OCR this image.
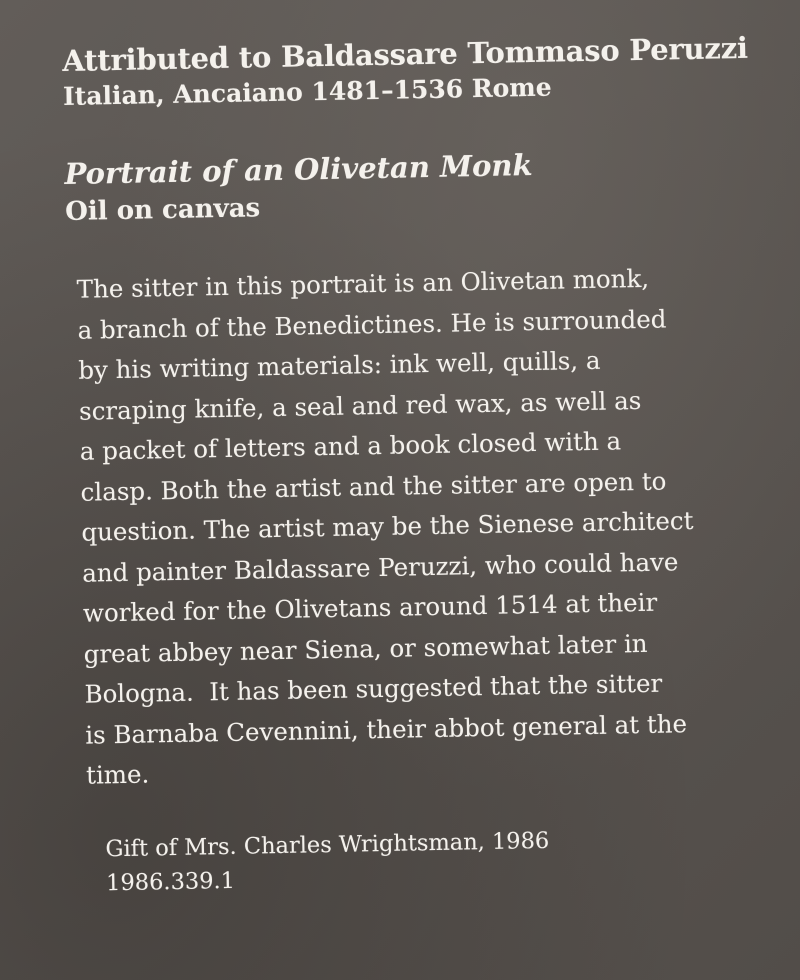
Attributed to Baldassare Tommaso Peruzzi

Italian, Ancaiano 1481–1536 Rome

Portrait of an Olivetan Monk

Oil on canvas

The sitter in this portrait is an Olivetan monk,
a branch of the Benedictines. He is surrounded
by his writing materials: ink well, quills, a
scraping knife, a seal and red wax, as well as
a packet of letters and a book closed with a
clasp. Both the artist and the sitter are open to
question. The artist may be the Sienese architect
and painter Baldassare Peruzzi, who could have
worked for the Olivetans around 1514 at their
great abbey near Siena, or somewhat later in
Bologna.  It has been suggested that the sitter
is Barnaba Cevennini, their abbot general at the
time.
Gift of Mrs. Charles Wrightsman, 1986
1986.339.1
